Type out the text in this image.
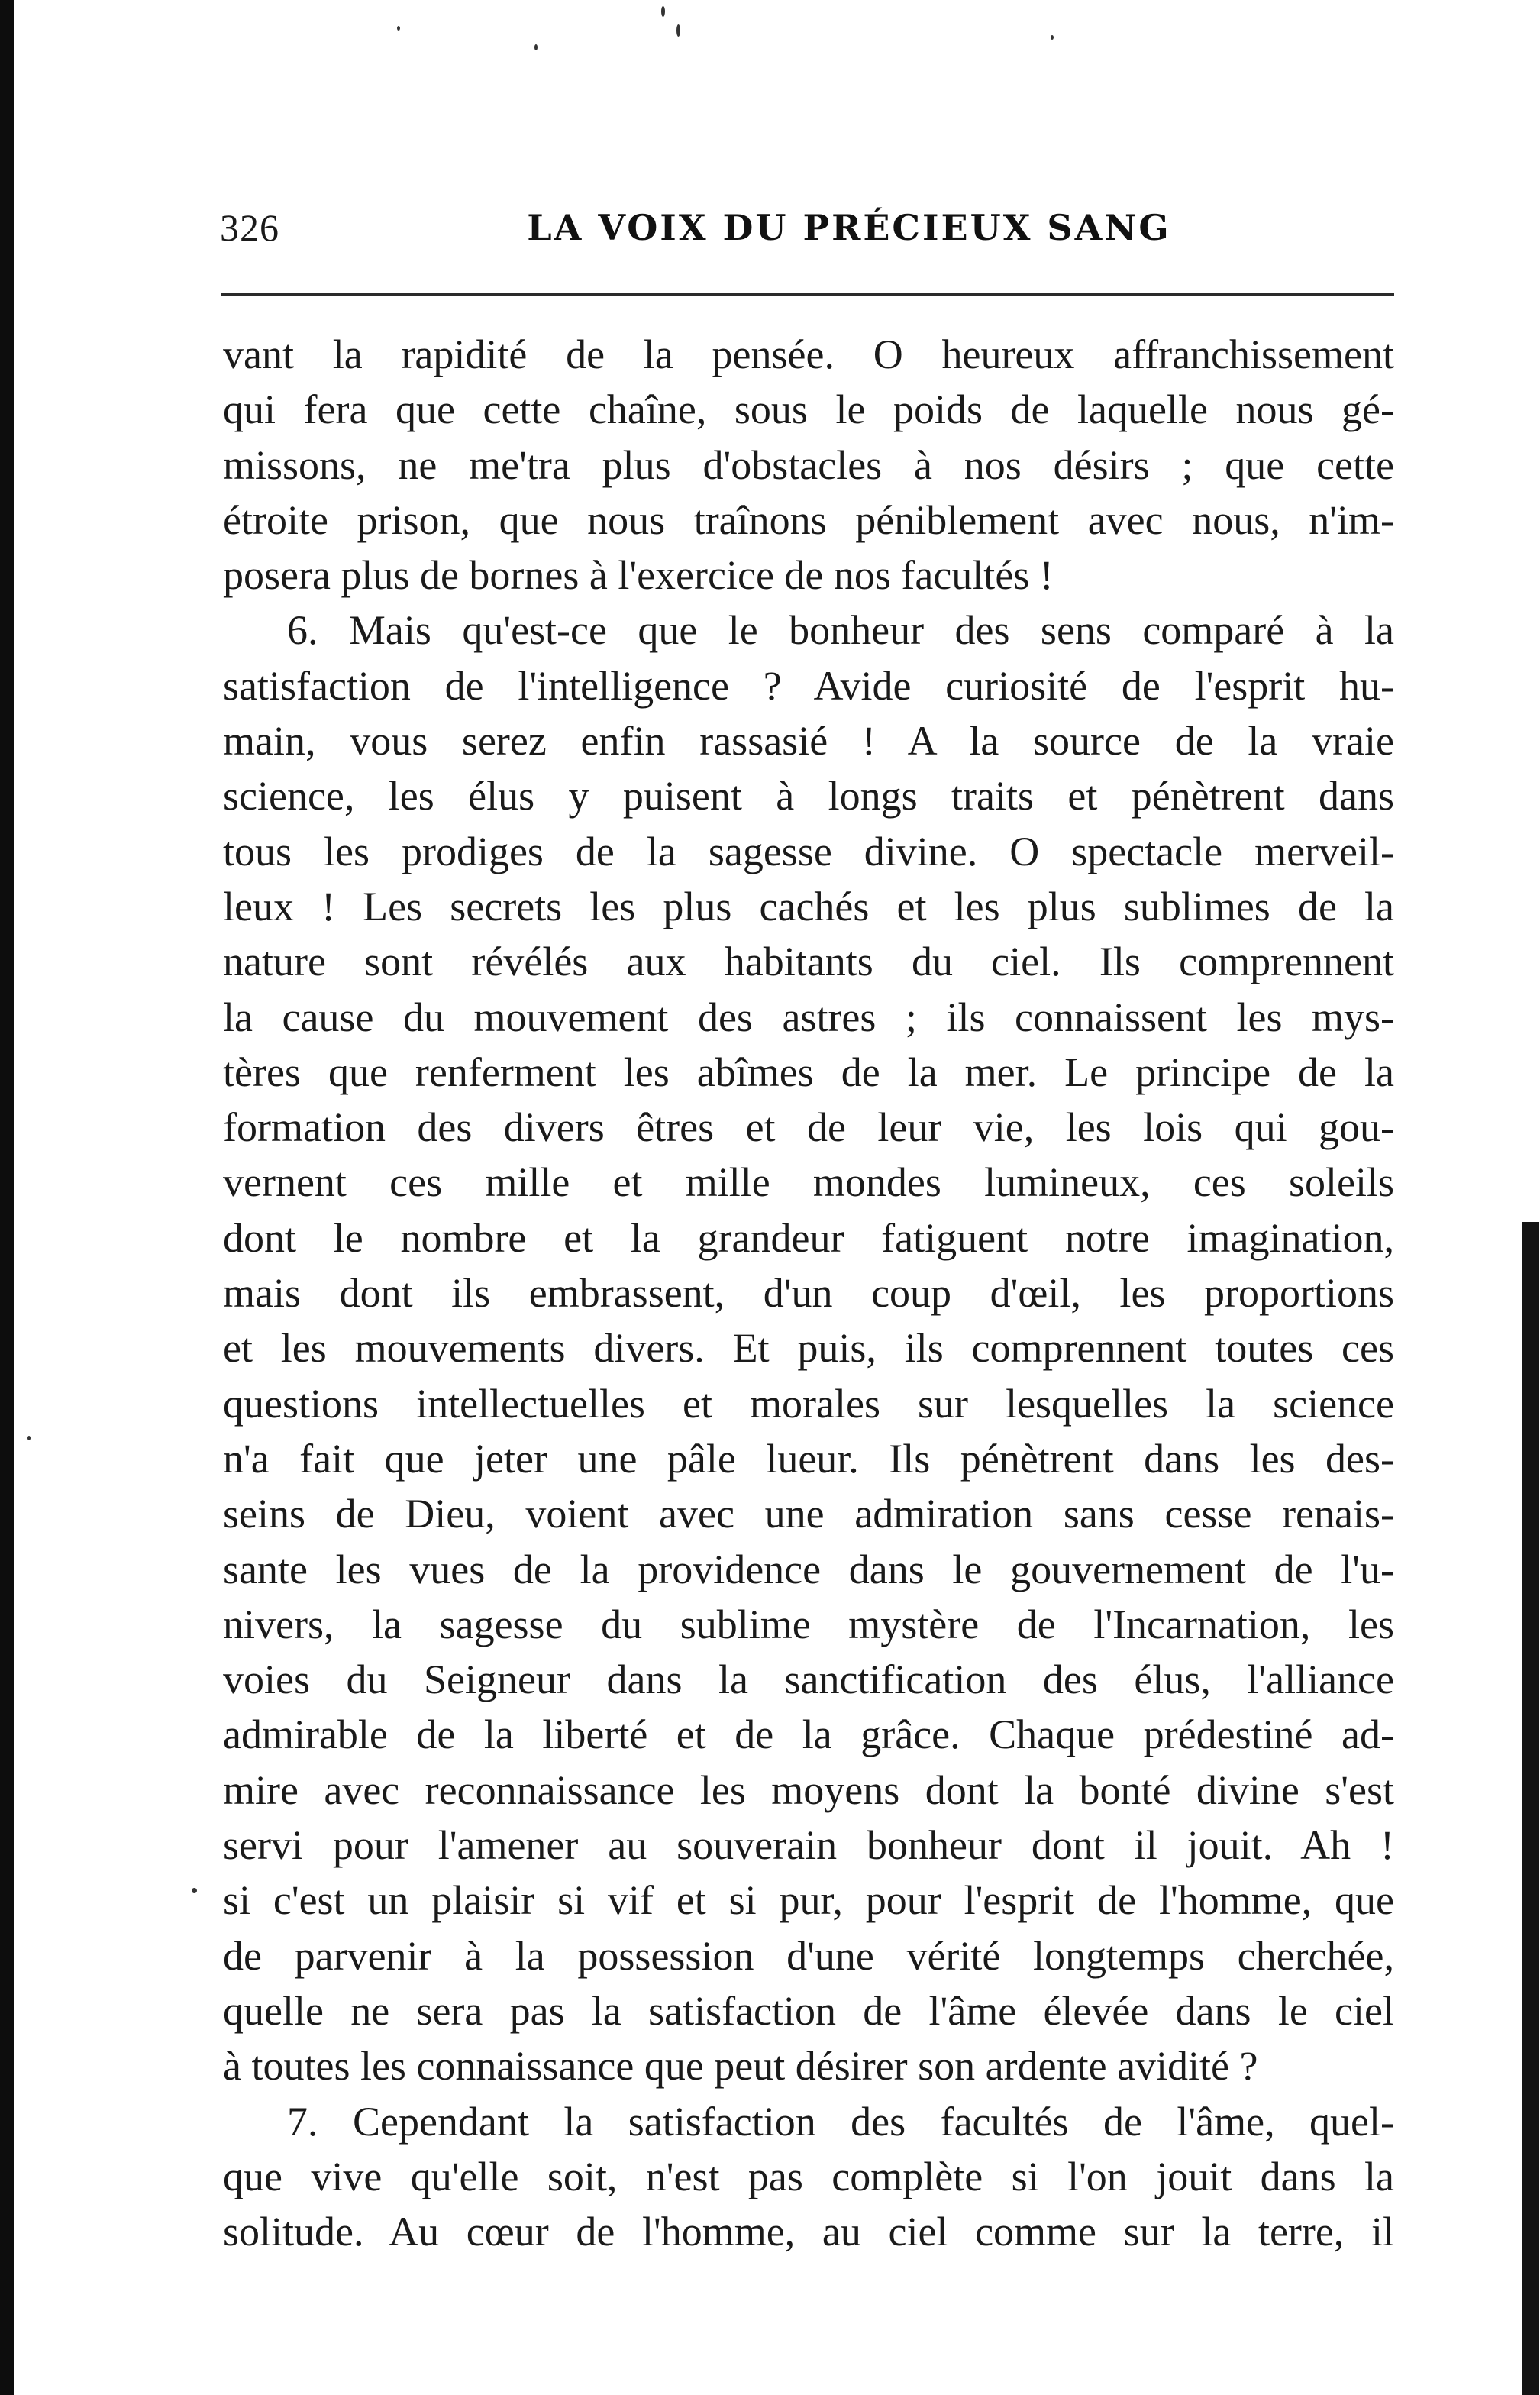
326	LA VOIX DU PRÉCIEUX SANG
vant la rapidité de la pensée. O heureux affranchissement
qui fera que cette chaîne, sous le poids de laquelle nous gé-
missons, ne me'tra plus d'obstacles à nos désirs ; que cette
étroite prison, que nous traînons péniblement avec nous, n'im-
posera plus de bornes à l'exercice de nos facultés !
6. Mais qu'est-ce que le bonheur des sens comparé à la
satisfaction de l'intelligence ? Avide curiosité de l'esprit hu-
main, vous serez enfin rassasié ! A la source de la vraie
science, les élus y puisent à longs traits et pénètrent dans
tous les prodiges de la sagesse divine. O spectacle merveil-
leux ! Les secrets les plus cachés et les plus sublimes de la
nature sont révélés aux habitants du ciel. Ils comprennent
la cause du mouvement des astres ; ils connaissent les mys-
tères que renferment les abîmes de la mer. Le principe de la
formation des divers êtres et de leur vie, les lois qui gou-
vernent ces mille et mille mondes lumineux, ces soleils
dont le nombre et la grandeur fatiguent notre imagination,
mais dont ils embrassent, d'un coup d'œil, les proportions
et les mouvements divers. Et puis, ils comprennent toutes ces
questions intellectuelles et morales sur lesquelles la science
n'a fait que jeter une pâle lueur. Ils pénètrent dans les des-
seins de Dieu, voient avec une admiration sans cesse renais-
sante les vues de la providence dans le gouvernement de l'u-
nivers, la sagesse du sublime mystère de l'Incarnation, les
voies du Seigneur dans la sanctification des élus, l'alliance
admirable de la liberté et de la grâce. Chaque prédestiné ad-
mire avec reconnaissance les moyens dont la bonté divine s'est
servi pour l'amener au souverain bonheur dont il jouit. Ah !
si c'est un plaisir si vif et si pur, pour l'esprit de l'homme, que
de parvenir à la possession d'une vérité longtemps cherchée,
quelle ne sera pas la satisfaction de l'âme élevée dans le ciel
à toutes les connaissance que peut désirer son ardente avidité ?
7. Cependant la satisfaction des facultés de l'âme, quel-
que vive qu'elle soit, n'est pas complète si l'on jouit dans la
solitude. Au cœur de l'homme, au ciel comme sur la terre, il
